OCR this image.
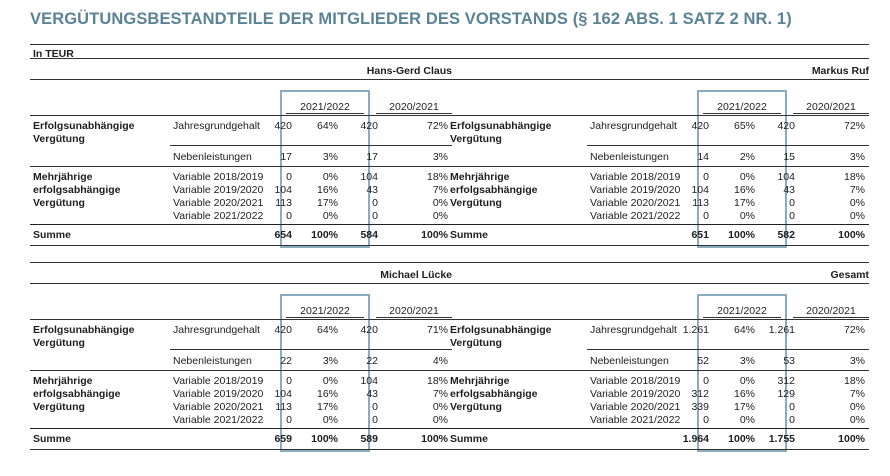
VERGÜTUNGSBESTANDTEILE DER MITGLIEDER DES VORSTANDS (§ 162 ABS. 1 SATZ 2 NR. 1)
In TEUR
Hans-Gerd Claus
2021/2022	2020/2021
Erfolgsunabhängige
Vergütung
Jahresgrundgehalt	420	64%	420	72%
Nebenleistungen	17	3%	17	3%
Mehrjährige
erfolgsabhängige
Vergütung
Variable 2018/2019	0	0%	104	18%
Variable 2019/2020	104	16%	43	7%
Variable 2020/2021	113	17%	0	0%
Variable 2021/2022	0	0%	0	0%
Summe	654	100%	584	100%
Markus Ruf
2021/2022	2020/2021
Erfolgsunabhängige
Vergütung
Jahresgrundgehalt	420	65%	420	72%
Nebenleistungen	14	2%	15	3%
Mehrjährige
erfolgsabhängige
Vergütung
Variable 2018/2019	0	0%	104	18%
Variable 2019/2020	104	16%	43	7%
Variable 2020/2021	113	17%	0	0%
Variable 2021/2022	0	0%	0	0%
Summe	651	100%	582	100%
Michael Lücke
2021/2022	2020/2021
Erfolgsunabhängige
Vergütung
Jahresgrundgehalt	420	64%	420	71%
Nebenleistungen	22	3%	22	4%
Mehrjährige
erfolgsabhängige
Vergütung
Variable 2018/2019	0	0%	104	18%
Variable 2019/2020	104	16%	43	7%
Variable 2020/2021	113	17%	0	0%
Variable 2021/2022	0	0%	0	0%
Summe	659	100%	589	100%
Gesamt
2021/2022	2020/2021
Erfolgsunabhängige
Vergütung
Jahresgrundgehalt 1.261	64%	1.261	72%
Nebenleistungen	52	3%	53	3%
Mehrjährige
erfolgsabhängige
Vergütung
Variable 2018/2019	0	0%	312	18%
Variable 2019/2020	312	16%	129	7%
Variable 2020/2021	339	17%	0	0%
Variable 2021/2022	0	0%	0	0%
Summe	1.964	100%	1.755	100%
